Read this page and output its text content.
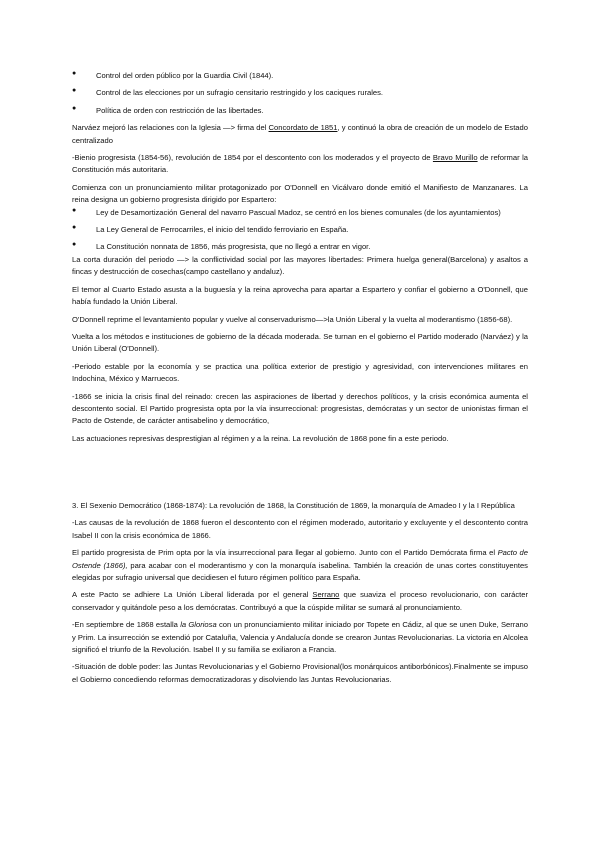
●	Control del orden público por la Guardia Civil (1844).

●	Control de las elecciones por un sufragio censitario restringido y los caciques rurales.

●	Política de orden con restricción de las libertades.

Narváez mejoró las relaciones con la Iglesia —> firma del Concordato de 1851, y continuó la obra de creación de un modelo de Estado centralizado

-Bienio progresista (1854-56), revolución de 1854 por el descontento con los moderados y el proyecto de Bravo Murillo de reformar la Constitución más autoritaria.

Comienza con un pronunciamiento militar protagonizado por O'Donnell en Vicálvaro donde emitió el Manifiesto de Manzanares. La reina designa un gobierno progresista dirigido por Espartero:

●	Ley de Desamortización General del navarro Pascual Madoz, se centró en los bienes comunales (de los ayuntamientos)

●	La Ley General de Ferrocarriles, el inicio del tendido ferroviario en España.

●	La Constitución nonnata de 1856, más progresista, que no llegó a entrar en vigor.

La corta duración del periodo —> la conflictividad social por las mayores libertades: Primera huelga general(Barcelona) y asaltos a fincas y destrucción de cosechas(campo castellano y andaluz).

El temor al Cuarto Estado asusta a la buguesía y la reina aprovecha para apartar a Espartero y confiar el gobierno a O'Donnell, que había fundado la Unión Liberal.

O'Donnell reprime el levantamiento popular y vuelve al conservadurismo—>la Unión Liberal y la vuelta al moderantismo (1856-68).

Vuelta a los métodos e instituciones de gobierno de la década moderada. Se turnan en el gobierno el Partido moderado (Narváez) y la Unión Liberal (O'Donnell).

-Periodo estable por la economía y se practica una política exterior de prestigio y agresividad, con intervenciones militares en Indochina, México y Marruecos.

-1866 se inicia la crisis final del reinado: crecen las aspiraciones de libertad y derechos políticos, y la crisis económica aumenta el descontento social. El Partido progresista opta por la vía insurreccional: progresistas, demócratas y un sector de unionistas firman el Pacto de Ostende, de carácter antisabelino y democrático,

Las actuaciones represivas desprestigian al régimen y a la reina. La revolución de 1868 pone fin a este periodo.

3. El Sexenio Democrático (1868-1874): La revolución de 1868, la Constitución de 1869, la monarquía de Amadeo I y la I República

-Las causas de la revolución de 1868 fueron el descontento con el régimen moderado, autoritario y excluyente y el descontento contra Isabel II con la crisis económica de 1866.

El partido progresista de Prim opta por la vía insurreccional para llegar al gobierno. Junto con el Partido Demócrata firma el Pacto de Ostende (1866), para acabar con el moderantismo y con la monarquía isabelina. También la creación de unas cortes constituyentes elegidas por sufragio universal que decidiesen el futuro régimen político para España.

A este Pacto se adhiere La Unión Liberal liderada por el general Serrano que suaviza el proceso revolucionario, con carácter conservador y quitándole peso a los demócratas. Contribuyó a que la cúspide militar se sumará al pronunciamiento.

-En septiembre de 1868 estalla la Gloriosa con un pronunciamiento militar iniciado por Topete en Cádiz, al que se unen Duke, Serrano y Prim. La insurrección se extendió por Cataluña, Valencia y Andalucía donde se crearon Juntas Revolucionarias. La victoria en Alcolea significó el triunfo de la Revolución. Isabel II y su familia se exiliaron a Francia.

-Situación de doble poder: las Juntas Revolucionarias y el Gobierno Provisional(los monárquicos antiborbónicos).Finalmente se impuso el Gobierno concediendo reformas democratizadoras y disolviendo las Juntas Revolucionarias.
